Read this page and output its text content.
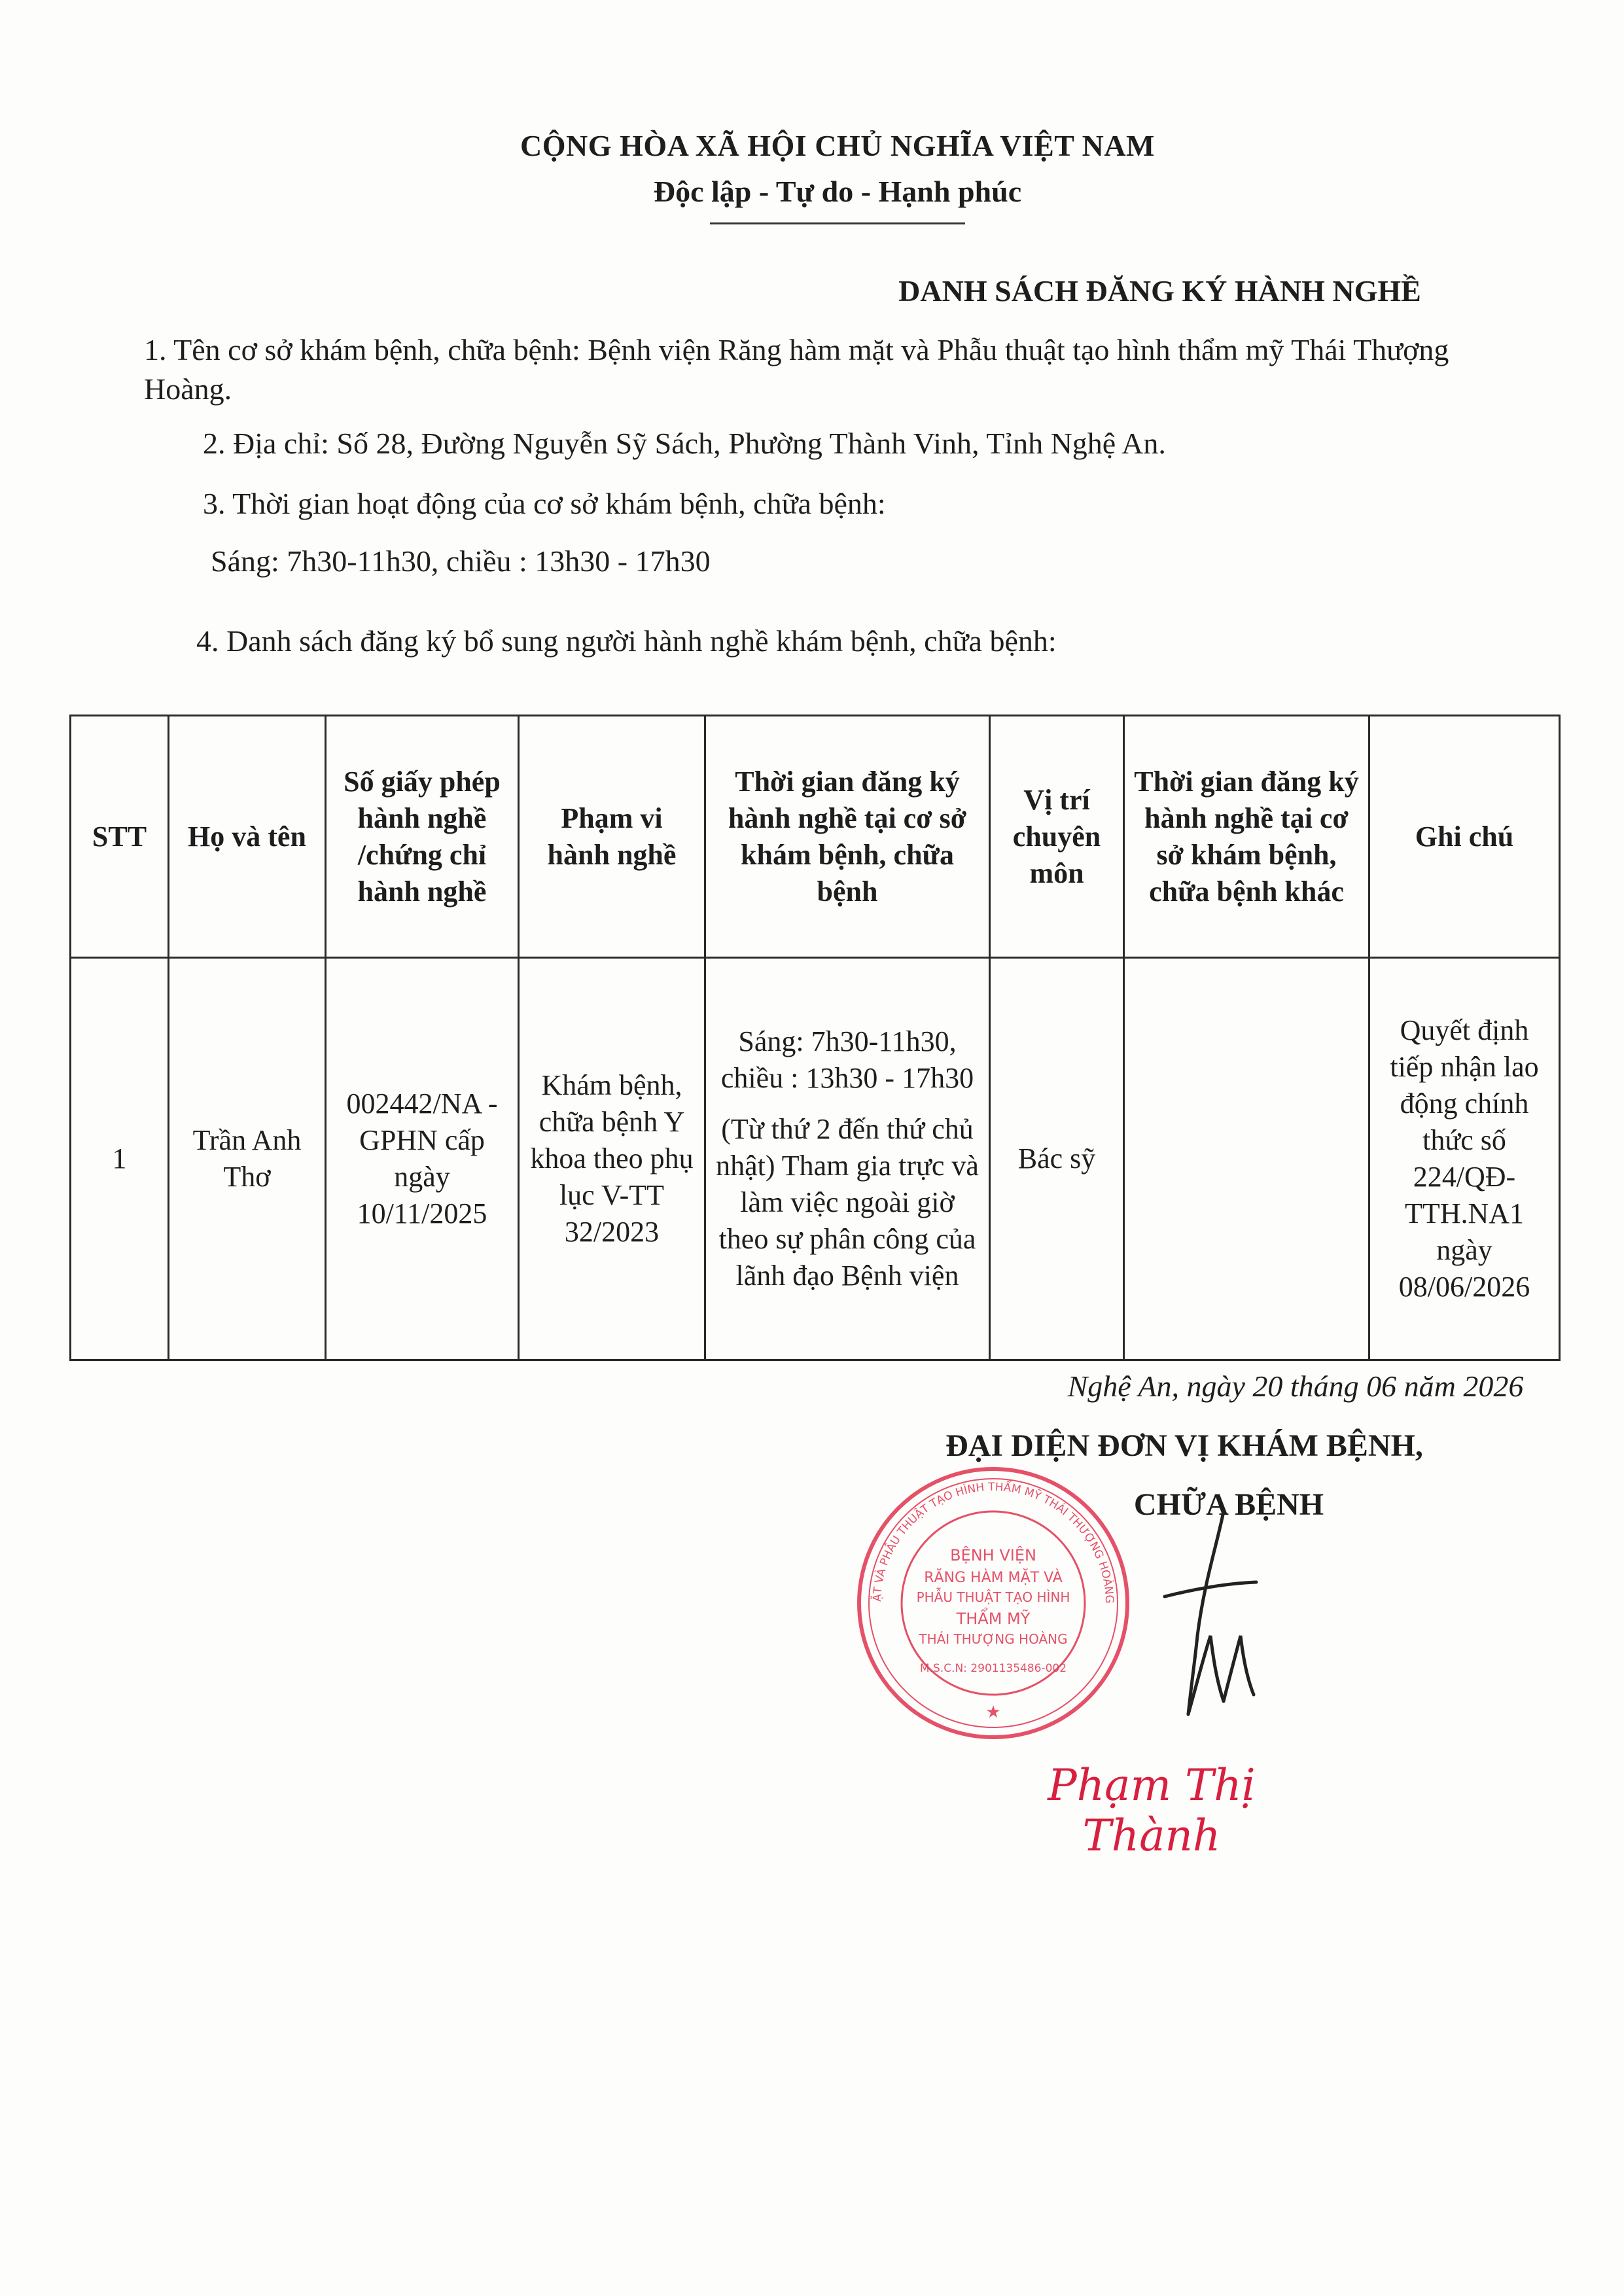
CỘNG HÒA XÃ HỘI CHỦ NGHĨA VIỆT NAM
Độc lập - Tự do - Hạnh phúc
DANH SÁCH ĐĂNG KÝ HÀNH NGHỀ
1. Tên cơ sở khám bệnh, chữa bệnh: Bệnh viện Răng hàm mặt và Phẫu thuật tạo hình thẩm mỹ Thái Thượng Hoàng.
2. Địa chỉ: Số 28, Đường Nguyễn Sỹ Sách, Phường Thành Vinh, Tỉnh Nghệ An.
3. Thời gian hoạt động của cơ sở khám bệnh, chữa bệnh:
Sáng: 7h30-11h30, chiều : 13h30 - 17h30
4. Danh sách đăng ký bổ sung người hành nghề khám bệnh, chữa bệnh:
STT	Họ và tên	Số giấy phép hành nghề /chứng chỉ hành nghề	Phạm vi hành nghề	Thời gian đăng ký hành nghề tại cơ sở khám bệnh, chữa bệnh	Vị trí chuyên môn	Thời gian đăng ký hành nghề tại cơ sở khám bệnh, chữa bệnh khác	Ghi chú
1	Trần Anh Thơ	002442/NA - GPHN cấp ngày 10/11/2025	Khám bệnh, chữa bệnh Y khoa theo phụ lục V-TT 32/2023	Sáng: 7h30-11h30, chiều : 13h30 - 17h30
(Từ thứ 2 đến thứ chủ nhật) Tham gia trực và làm việc ngoài giờ theo sự phân công của lãnh đạo Bệnh viện	Bác sỹ		Quyết định tiếp nhận lao động chính thức số 224/QĐ-TTH.NA1 ngày 08/06/2026
Nghệ An, ngày 20 tháng 06 năm 2026
ĐẠI DIỆN ĐƠN VỊ KHÁM BỆNH,
CHỮA BỆNH
ẶT VÀ PHẪU THUẬT TẠO HÌNH THẨM MỸ THÁI THƯỢNG HOÀNG
BỆNH VIỆN
RĂNG HÀM MẶT VÀ
PHẪU THUẬT TẠO HÌNH
THẨM MỸ
THÁI THƯỢNG HOÀNG
M.S.C.N: 2901135486-002
★
Phạm Thị Thành
